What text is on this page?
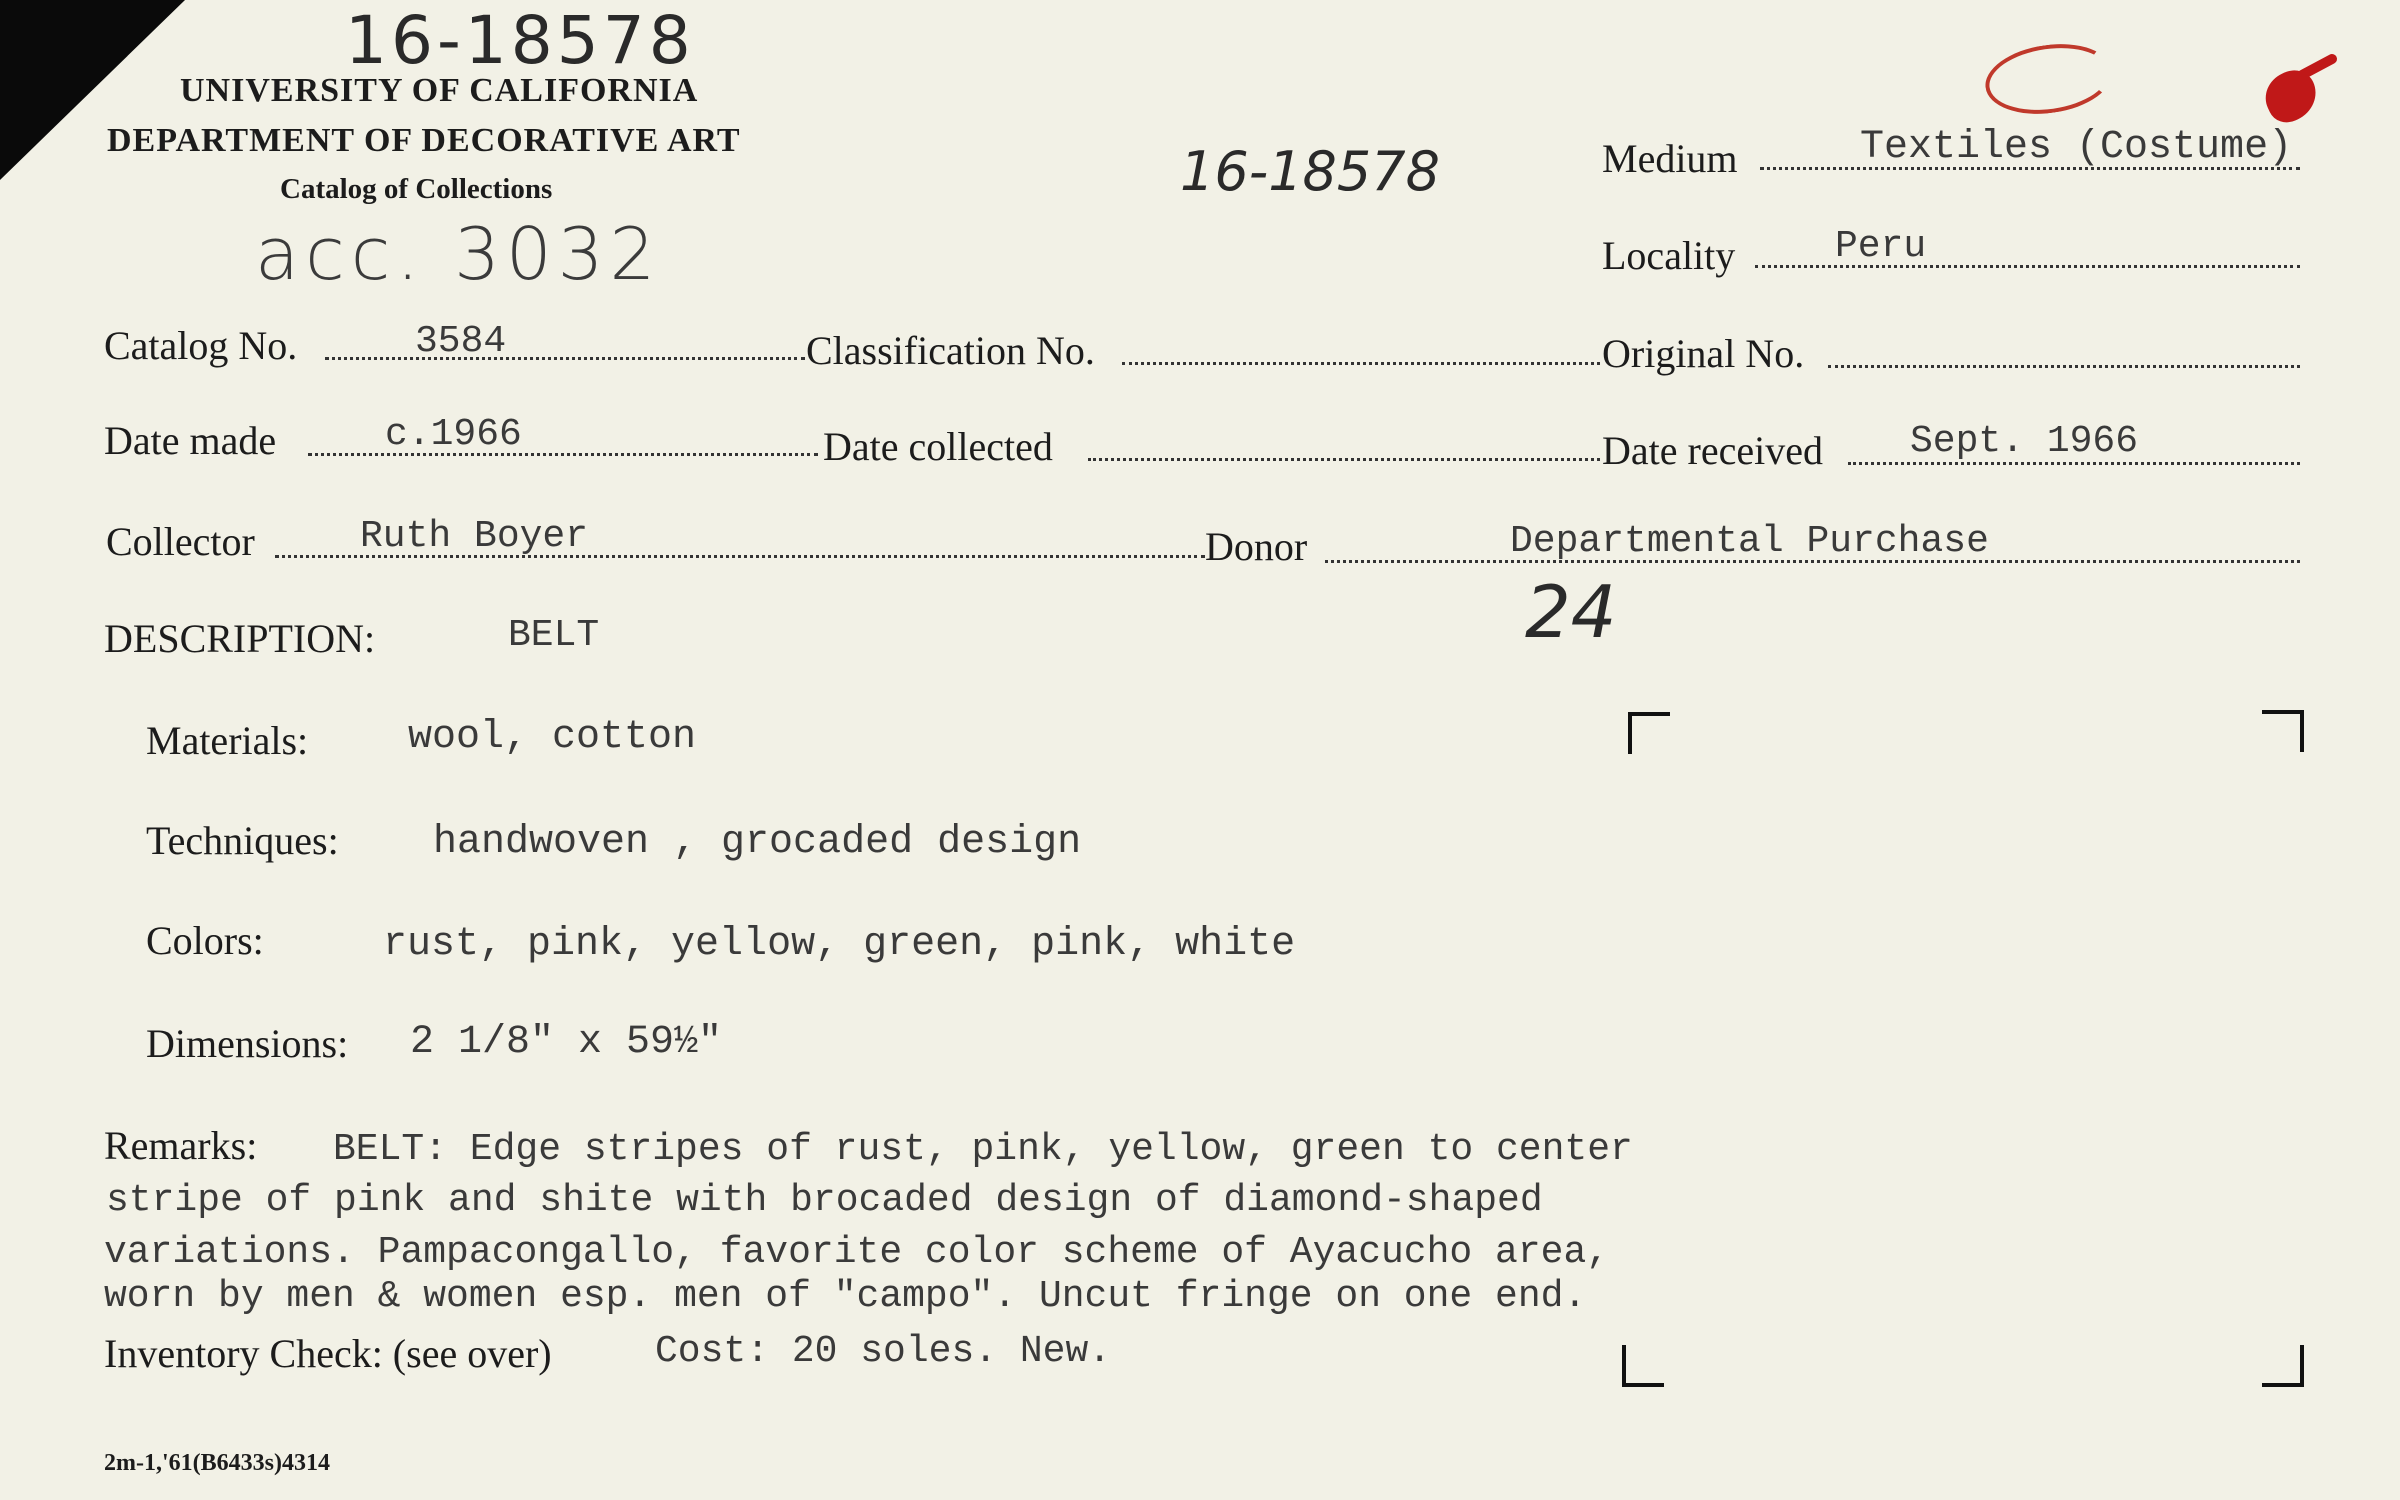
16-18578
UNIVERSITY OF CALIFORNIA
DEPARTMENT OF DECORATIVE ART
Catalog of Collections
acc. 3032
16-18578	Medium	Textiles (Costume)
Locality	Peru
Catalog No.	3584	Classification No.	Original No.
Date made	c.1966	Date collected	Date received Sept. 1966
Collector	Ruth Boyer	Donor	Departmental Purchase
24
DESCRIPTION:	BELT
Materials: wool, cotton
Techniques: handwoven , grocaded design
Colors:	rust, pink, yellow, green, pink, white
Dimensions: 2 1/8" x 59½"
Remarks: BELT: Edge stripes of rust, pink, yellow, green to center
stripe of pink and shite with brocaded design of diamond-shaped
variations. Pampacongallo, favorite color scheme of Ayacucho area,
worn by men & women esp. men of "campo". Uncut fringe on one end.
Inventory Check: (see over)	Cost: 20 soles. New.
2m-1,'61(B6433s)4314
